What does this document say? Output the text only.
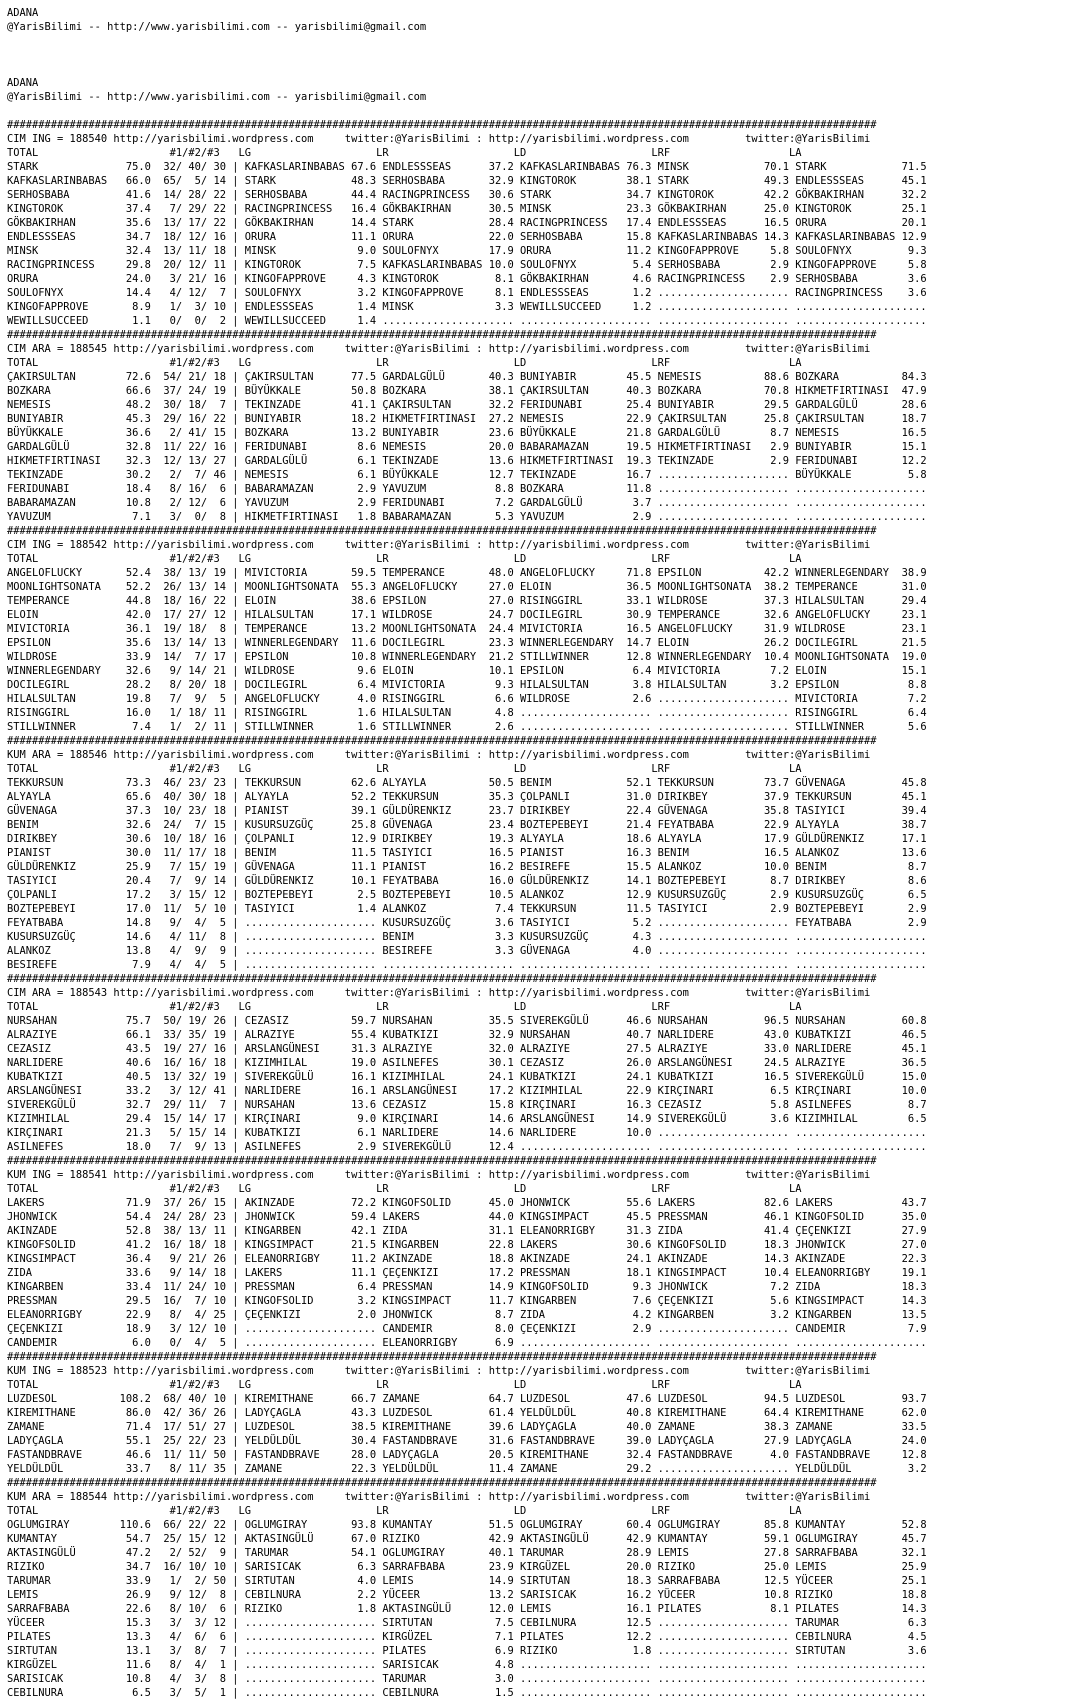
ADANA
@YarisBilimi -- http://www.yarisbilimi.com -- yarisbilimi@gmail.com
ADANA
@YarisBilimi -- http://www.yarisbilimi.com -- yarisbilimi@gmail.com
###########################################################################################################################################
CIM ING = 188540 http://yarisbilimi.wordpress.com     twitter:@YarisBilimi : http://yarisbilimi.wordpress.com         twitter:@YarisBilimi
TOTAL                     #1/#2/#3   LG                    LR                    LD                    LRF                   LA
STARK              75.0  32/ 40/ 30 | KAFKASLARINBABAS 67.6 ENDLESSSEAS      37.2 KAFKASLARINBABAS 76.3 MINSK            70.1 STARK            71.5
KAFKASLARINBABAS   66.0  65/  5/ 14 | STARK            48.3 SERHOSBABA       32.9 KINGTOROK        38.1 STARK            49.3 ENDLESSSEAS      45.1
SERHOSBABA         41.6  14/ 28/ 22 | SERHOSBABA       44.4 RACINGPRINCESS   30.6 STARK            34.7 KINGTOROK        42.2 GÖKBAKIRHAN      32.2
KINGTOROK          37.4   7/ 29/ 22 | RACINGPRINCESS   16.4 GÖKBAKIRHAN      30.5 MINSK            23.3 GÖKBAKIRHAN      25.0 KINGTOROK        25.1
GÖKBAKIRHAN        35.6  13/ 17/ 22 | GÖKBAKIRHAN      14.4 STARK            28.4 RACINGPRINCESS   17.4 ENDLESSSEAS      16.5 ORURA            20.1
ENDLESSSEAS        34.7  18/ 12/ 16 | ORURA            11.1 ORURA            22.0 SERHOSBABA       15.8 KAFKASLARINBABAS 14.3 KAFKASLARINBABAS 12.9
MINSK              32.4  13/ 11/ 18 | MINSK             9.0 SOULOFNYX        17.9 ORURA            11.2 KINGOFAPPROVE     5.8 SOULOFNYX         9.3
RACINGPRINCESS     29.8  20/ 12/ 11 | KINGTOROK         7.5 KAFKASLARINBABAS 10.0 SOULOFNYX         5.4 SERHOSBABA        2.9 KINGOFAPPROVE     5.8
ORURA              24.0   3/ 21/ 16 | KINGOFAPPROVE     4.3 KINGTOROK         8.1 GÖKBAKIRHAN       4.6 RACINGPRINCESS    2.9 SERHOSBABA        3.6
SOULOFNYX          14.4   4/ 12/  7 | SOULOFNYX         3.2 KINGOFAPPROVE     8.1 ENDLESSSEAS       1.2 ..................... RACINGPRINCESS    3.6
KINGOFAPPROVE       8.9   1/  3/ 10 | ENDLESSSEAS       1.4 MINSK             3.3 WEWILLSUCCEED     1.2 ..................... .....................
WEWILLSUCCEED       1.1   0/  0/  2 | WEWILLSUCCEED     1.4 ..................... ..................... ..................... .....................
###########################################################################################################################################
CIM ARA = 188545 http://yarisbilimi.wordpress.com     twitter:@YarisBilimi : http://yarisbilimi.wordpress.com         twitter:@YarisBilimi
TOTAL                     #1/#2/#3   LG                    LR                    LD                    LRF                   LA
ÇAKIRSULTAN        72.6  54/ 21/ 18 | ÇAKIRSULTAN      77.5 GARDALGÜLÜ       40.3 BUNIYABIR        45.5 NEMESIS          88.6 BOZKARA          84.3
BOZKARA            66.6  37/ 24/ 19 | BÜYÜKKALE        50.8 BOZKARA          38.1 ÇAKIRSULTAN      40.3 BOZKARA          70.8 HIKMETFIRTINASI  47.9
NEMESIS            48.2  30/ 18/  7 | TEKINZADE        41.1 ÇAKIRSULTAN      32.2 FERIDUNABI       25.4 BUNIYABIR        29.5 GARDALGÜLÜ       28.6
BUNIYABIR          45.3  29/ 16/ 22 | BUNIYABIR        18.2 HIKMETFIRTINASI  27.2 NEMESIS          22.9 ÇAKIRSULTAN      25.8 ÇAKIRSULTAN      18.7
BÜYÜKKALE          36.6   2/ 41/ 15 | BOZKARA          13.2 BUNIYABIR        23.6 BÜYÜKKALE        21.8 GARDALGÜLÜ        8.7 NEMESIS          16.5
GARDALGÜLÜ         32.8  11/ 22/ 16 | FERIDUNABI        8.6 NEMESIS          20.0 BABARAMAZAN      19.5 HIKMETFIRTINASI   2.9 BUNIYABIR        15.1
HIKMETFIRTINASI    32.3  12/ 13/ 27 | GARDALGÜLÜ        6.1 TEKINZADE        13.6 HIKMETFIRTINASI  19.3 TEKINZADE         2.9 FERIDUNABI       12.2
TEKINZADE          30.2   2/  7/ 46 | NEMESIS           6.1 BÜYÜKKALE        12.7 TEKINZADE        16.7 ..................... BÜYÜKKALE         5.8
FERIDUNABI         18.4   8/ 16/  6 | BABARAMAZAN       2.9 YAVUZUM           8.8 BOZKARA          11.8 ..................... .....................
BABARAMAZAN        10.8   2/ 12/  6 | YAVUZUM           2.9 FERIDUNABI        7.2 GARDALGÜLÜ        3.7 ..................... .....................
YAVUZUM             7.1   3/  0/  8 | HIKMETFIRTINASI   1.8 BABARAMAZAN       5.3 YAVUZUM           2.9 ..................... .....................
###########################################################################################################################################
CIM ING = 188542 http://yarisbilimi.wordpress.com     twitter:@YarisBilimi : http://yarisbilimi.wordpress.com         twitter:@YarisBilimi
TOTAL                     #1/#2/#3   LG                    LR                    LD                    LRF                   LA
ANGELOFLUCKY       52.4  38/ 13/ 19 | MIVICTORIA       59.5 TEMPERANCE       48.0 ANGELOFLUCKY     71.8 EPSILON          42.2 WINNERLEGENDARY  38.9
MOONLIGHTSONATA    52.2  26/ 13/ 14 | MOONLIGHTSONATA  55.3 ANGELOFLUCKY     27.0 ELOIN            36.5 MOONLIGHTSONATA  38.2 TEMPERANCE       31.0
TEMPERANCE         44.8  18/ 16/ 22 | ELOIN            38.6 EPSILON          27.0 RISINGGIRL       33.1 WILDROSE         37.3 HILALSULTAN      29.4
ELOIN              42.0  17/ 27/ 12 | HILALSULTAN      17.1 WILDROSE         24.7 DOCILEGIRL       30.9 TEMPERANCE       32.6 ANGELOFLUCKY     23.1
MIVICTORIA         36.1  19/ 18/  8 | TEMPERANCE       13.2 MOONLIGHTSONATA  24.4 MIVICTORIA       16.5 ANGELOFLUCKY     31.9 WILDROSE         23.1
EPSILON            35.6  13/ 14/ 13 | WINNERLEGENDARY  11.6 DOCILEGIRL       23.3 WINNERLEGENDARY  14.7 ELOIN            26.2 DOCILEGIRL       21.5
WILDROSE           33.9  14/  7/ 17 | EPSILON          10.8 WINNERLEGENDARY  21.2 STILLWINNER      12.8 WINNERLEGENDARY  10.4 MOONLIGHTSONATA  19.0
WINNERLEGENDARY    32.6   9/ 14/ 21 | WILDROSE          9.6 ELOIN            10.1 EPSILON           6.4 MIVICTORIA        7.2 ELOIN            15.1
DOCILEGIRL         28.2   8/ 20/ 18 | DOCILEGIRL        6.4 MIVICTORIA        9.3 HILALSULTAN       3.8 HILALSULTAN       3.2 EPSILON           8.8
HILALSULTAN        19.8   7/  9/  5 | ANGELOFLUCKY      4.0 RISINGGIRL        6.6 WILDROSE          2.6 ..................... MIVICTORIA        7.2
RISINGGIRL         16.0   1/ 18/ 11 | RISINGGIRL        1.6 HILALSULTAN       4.8 ..................... ..................... RISINGGIRL        6.4
STILLWINNER         7.4   1/  2/ 11 | STILLWINNER       1.6 STILLWINNER       2.6 ..................... ..................... STILLWINNER       5.6
###########################################################################################################################################
KUM ARA = 188546 http://yarisbilimi.wordpress.com     twitter:@YarisBilimi : http://yarisbilimi.wordpress.com         twitter:@YarisBilimi
TOTAL                     #1/#2/#3   LG                    LR                    LD                    LRF                   LA
TEKKURSUN          73.3  46/ 23/ 23 | TEKKURSUN        62.6 ALYAYLA          50.5 BENIM            52.1 TEKKURSUN        73.7 GÜVENAGA         45.8
ALYAYLA            65.6  40/ 30/ 18 | ALYAYLA          52.2 TEKKURSUN        35.3 ÇOLPANLI         31.0 DIRIKBEY         37.9 TEKKURSUN        45.1
GÜVENAGA           37.3  10/ 23/ 18 | PIANIST          39.1 GÜLDÜRENKIZ      23.7 DIRIKBEY         22.4 GÜVENAGA         35.8 TASIYICI         39.4
BENIM              32.6  24/  7/ 15 | KUSURSUZGÜÇ      25.8 GÜVENAGA         23.4 BOZTEPEBEYI      21.4 FEYATBABA        22.9 ALYAYLA          38.7
DIRIKBEY           30.6  10/ 18/ 16 | ÇOLPANLI         12.9 DIRIKBEY         19.3 ALYAYLA          18.6 ALYAYLA          17.9 GÜLDÜRENKIZ      17.1
PIANIST            30.0  11/ 17/ 18 | BENIM            11.5 TASIYICI         16.5 PIANIST          16.3 BENIM            16.5 ALANKOZ          13.6
GÜLDÜRENKIZ        25.9   7/ 15/ 19 | GÜVENAGA         11.1 PIANIST          16.2 BESIREFE         15.5 ALANKOZ          10.0 BENIM             8.7
TASIYICI           20.4   7/  9/ 14 | GÜLDÜRENKIZ      10.1 FEYATBABA        16.0 GÜLDÜRENKIZ      14.1 BOZTEPEBEYI       8.7 DIRIKBEY          8.6
ÇOLPANLI           17.2   3/ 15/ 12 | BOZTEPEBEYI       2.5 BOZTEPEBEYI      10.5 ALANKOZ          12.9 KUSURSUZGÜÇ       2.9 KUSURSUZGÜÇ       6.5
BOZTEPEBEYI        17.0  11/  5/ 10 | TASIYICI          1.4 ALANKOZ           7.4 TEKKURSUN        11.5 TASIYICI          2.9 BOZTEPEBEYI       2.9
FEYATBABA          14.8   9/  4/  5 | ..................... KUSURSUZGÜÇ       3.6 TASIYICI          5.2 ..................... FEYATBABA         2.9
KUSURSUZGÜÇ        14.6   4/ 11/  8 | ..................... BENIM             3.3 KUSURSUZGÜÇ       4.3 ..................... .....................
ALANKOZ            13.8   4/  9/  9 | ..................... BESIREFE          3.3 GÜVENAGA          4.0 ..................... .....................
BESIREFE            7.9   4/  4/  5 | ..................... ..................... ..................... ..................... .....................
###########################################################################################################################################
CIM ARA = 188543 http://yarisbilimi.wordpress.com     twitter:@YarisBilimi : http://yarisbilimi.wordpress.com         twitter:@YarisBilimi
TOTAL                     #1/#2/#3   LG                    LR                    LD                    LRF                   LA
NURSAHAN           75.7  50/ 19/ 26 | CEZASIZ          59.7 NURSAHAN         35.5 SIVEREKGÜLÜ      46.6 NURSAHAN         96.5 NURSAHAN         60.8
ALRAZIYE           66.1  33/ 35/ 19 | ALRAZIYE         55.4 KUBATKIZI        32.9 NURSAHAN         40.7 NARLIDERE        43.0 KUBATKIZI        46.5
CEZASIZ            43.5  19/ 27/ 16 | ARSLANGÜNESI     31.3 ALRAZIYE         32.0 ALRAZIYE         27.5 ALRAZIYE         33.0 NARLIDERE        45.1
NARLIDERE          40.6  16/ 16/ 18 | KIZIMHILAL       19.0 ASILNEFES        30.1 CEZASIZ          26.0 ARSLANGÜNESI     24.5 ALRAZIYE         36.5
KUBATKIZI          40.5  13/ 32/ 19 | SIVEREKGÜLÜ      16.1 KIZIMHILAL       24.1 KUBATKIZI        24.1 KUBATKIZI        16.5 SIVEREKGÜLÜ      15.0
ARSLANGÜNESI       33.2   3/ 12/ 41 | NARLIDERE        16.1 ARSLANGÜNESI     17.2 KIZIMHILAL       22.9 KIRÇINARI         6.5 KIRÇINARI        10.0
SIVEREKGÜLÜ        32.7  29/ 11/  7 | NURSAHAN         13.6 CEZASIZ          15.8 KIRÇINARI        16.3 CEZASIZ           5.8 ASILNEFES         8.7
KIZIMHILAL         29.4  15/ 14/ 17 | KIRÇINARI         9.0 KIRÇINARI        14.6 ARSLANGÜNESI     14.9 SIVEREKGÜLÜ       3.6 KIZIMHILAL        6.5
KIRÇINARI          21.3   5/ 15/ 14 | KUBATKIZI         6.1 NARLIDERE        14.6 NARLIDERE        10.0 ..................... .....................
ASILNEFES          18.0   7/  9/ 13 | ASILNEFES         2.9 SIVEREKGÜLÜ      12.4 ..................... ..................... .....................
###########################################################################################################################################
KUM ING = 188541 http://yarisbilimi.wordpress.com     twitter:@YarisBilimi : http://yarisbilimi.wordpress.com         twitter:@YarisBilimi
TOTAL                     #1/#2/#3   LG                    LR                    LD                    LRF                   LA
LAKERS             71.9  37/ 26/ 15 | AKINZADE         72.2 KINGOFSOLID      45.0 JHONWICK         55.6 LAKERS           82.6 LAKERS           43.7
JHONWICK           54.4  24/ 28/ 23 | JHONWICK         59.4 LAKERS           44.0 KINGSIMPACT      45.5 PRESSMAN         46.1 KINGOFSOLID      35.0
AKINZADE           52.8  38/ 13/ 11 | KINGARBEN        42.1 ZIDA             31.1 ELEANORRIGBY     31.3 ZIDA             41.4 ÇEÇENKIZI        27.9
KINGOFSOLID        41.2  16/ 18/ 18 | KINGSIMPACT      21.5 KINGARBEN        22.8 LAKERS           30.6 KINGOFSOLID      18.3 JHONWICK         27.0
KINGSIMPACT        36.4   9/ 21/ 26 | ELEANORRIGBY     11.2 AKINZADE         18.8 AKINZADE         24.1 AKINZADE         14.3 AKINZADE         22.3
ZIDA               33.6   9/ 14/ 18 | LAKERS           11.1 ÇEÇENKIZI        17.2 PRESSMAN         18.1 KINGSIMPACT      10.4 ELEANORRIGBY     19.1
KINGARBEN          33.4  11/ 24/ 10 | PRESSMAN          6.4 PRESSMAN         14.9 KINGOFSOLID       9.3 JHONWICK          7.2 ZIDA             18.3
PRESSMAN           29.5  16/  7/ 10 | KINGOFSOLID       3.2 KINGSIMPACT      11.7 KINGARBEN         7.6 ÇEÇENKIZI         5.6 KINGSIMPACT      14.3
ELEANORRIGBY       22.9   8/  4/ 25 | ÇEÇENKIZI         2.0 JHONWICK          8.7 ZIDA              4.2 KINGARBEN         3.2 KINGARBEN        13.5
ÇEÇENKIZI          18.9   3/ 12/ 10 | ..................... CANDEMIR          8.0 ÇEÇENKIZI         2.9 ..................... CANDEMIR          7.9
CANDEMIR            6.0   0/  4/  5 | ..................... ELEANORRIGBY      6.9 ..................... ..................... .....................
###########################################################################################################################################
KUM ING = 188523 http://yarisbilimi.wordpress.com     twitter:@YarisBilimi : http://yarisbilimi.wordpress.com         twitter:@YarisBilimi
TOTAL                     #1/#2/#3   LG                    LR                    LD                    LRF                   LA
LUZDESOL          108.2  68/ 40/ 10 | KIREMITHANE      66.7 ZAMANE           64.7 LUZDESOL         47.6 LUZDESOL         94.5 LUZDESOL         93.7
KIREMITHANE        86.0  42/ 36/ 26 | LADYÇAGLA        43.3 LUZDESOL         61.4 YELDÜLDÜL        40.8 KIREMITHANE      64.4 KIREMITHANE      62.0
ZAMANE             71.4  17/ 51/ 27 | LUZDESOL         38.5 KIREMITHANE      39.6 LADYÇAGLA        40.0 ZAMANE           38.3 ZAMANE           33.5
LADYÇAGLA          55.1  25/ 22/ 23 | YELDÜLDÜL        30.4 FASTANDBRAVE     31.6 FASTANDBRAVE     39.0 LADYÇAGLA        27.9 LADYÇAGLA        24.0
FASTANDBRAVE       46.6  11/ 11/ 50 | FASTANDBRAVE     28.0 LADYÇAGLA        20.5 KIREMITHANE      32.4 FASTANDBRAVE      4.0 FASTANDBRAVE     12.8
YELDÜLDÜL          33.7   8/ 11/ 35 | ZAMANE           22.3 YELDÜLDÜL        11.4 ZAMANE           29.2 ..................... YELDÜLDÜL         3.2
###########################################################################################################################################
KUM ARA = 188544 http://yarisbilimi.wordpress.com     twitter:@YarisBilimi : http://yarisbilimi.wordpress.com         twitter:@YarisBilimi
TOTAL                     #1/#2/#3   LG                    LR                    LD                    LRF                   LA
OGLUMGIRAY        110.6  66/ 22/ 22 | OGLUMGIRAY       93.8 KUMANTAY         51.5 OGLUMGIRAY       60.4 OGLUMGIRAY       85.8 KUMANTAY         52.8
KUMANTAY           54.7  25/ 15/ 12 | AKTASINGÜLÜ      67.0 RIZIKO           42.9 AKTASINGÜLÜ      42.9 KUMANTAY         59.1 OGLUMGIRAY       45.7
AKTASINGÜLÜ        47.2   2/ 52/  9 | TARUMAR          54.1 OGLUMGIRAY       40.1 TARUMAR          28.9 LEMIS            27.8 SARRAFBABA       32.1
RIZIKO             34.7  16/ 10/ 10 | SARISICAK         6.3 SARRAFBABA       23.9 KIRGÜZEL         20.0 RIZIKO           25.0 LEMIS            25.9
TARUMAR            33.9   1/  2/ 50 | SIRTUTAN          4.0 LEMIS            14.9 SIRTUTAN         18.3 SARRAFBABA       12.5 YÜCEER           25.1
LEMIS              26.9   9/ 12/  8 | CEBILNURA         2.2 YÜCEER           13.2 SARISICAK        16.2 YÜCEER           10.8 RIZIKO           18.8
SARRAFBABA         22.6   8/ 10/  6 | RIZIKO            1.8 AKTASINGÜLÜ      12.0 LEMIS            16.1 PILATES           8.1 PILATES          14.3
YÜCEER             15.3   3/  3/ 12 | ..................... SIRTUTAN          7.5 CEBILNURA        12.5 ..................... TARUMAR           6.3
PILATES            13.3   4/  6/  6 | ..................... KIRGÜZEL          7.1 PILATES          12.2 ..................... CEBILNURA         4.5
SIRTUTAN           13.1   3/  8/  7 | ..................... PILATES           6.9 RIZIKO            1.8 ..................... SIRTUTAN          3.6
KIRGÜZEL           11.6   8/  4/  1 | ..................... SARISICAK         4.8 ..................... ..................... .....................
SARISICAK          10.8   4/  3/  8 | ..................... TARUMAR           3.0 ..................... ..................... .....................
CEBILNURA           6.5   3/  5/  1 | ..................... CEBILNURA         1.5 ..................... ..................... .....................
